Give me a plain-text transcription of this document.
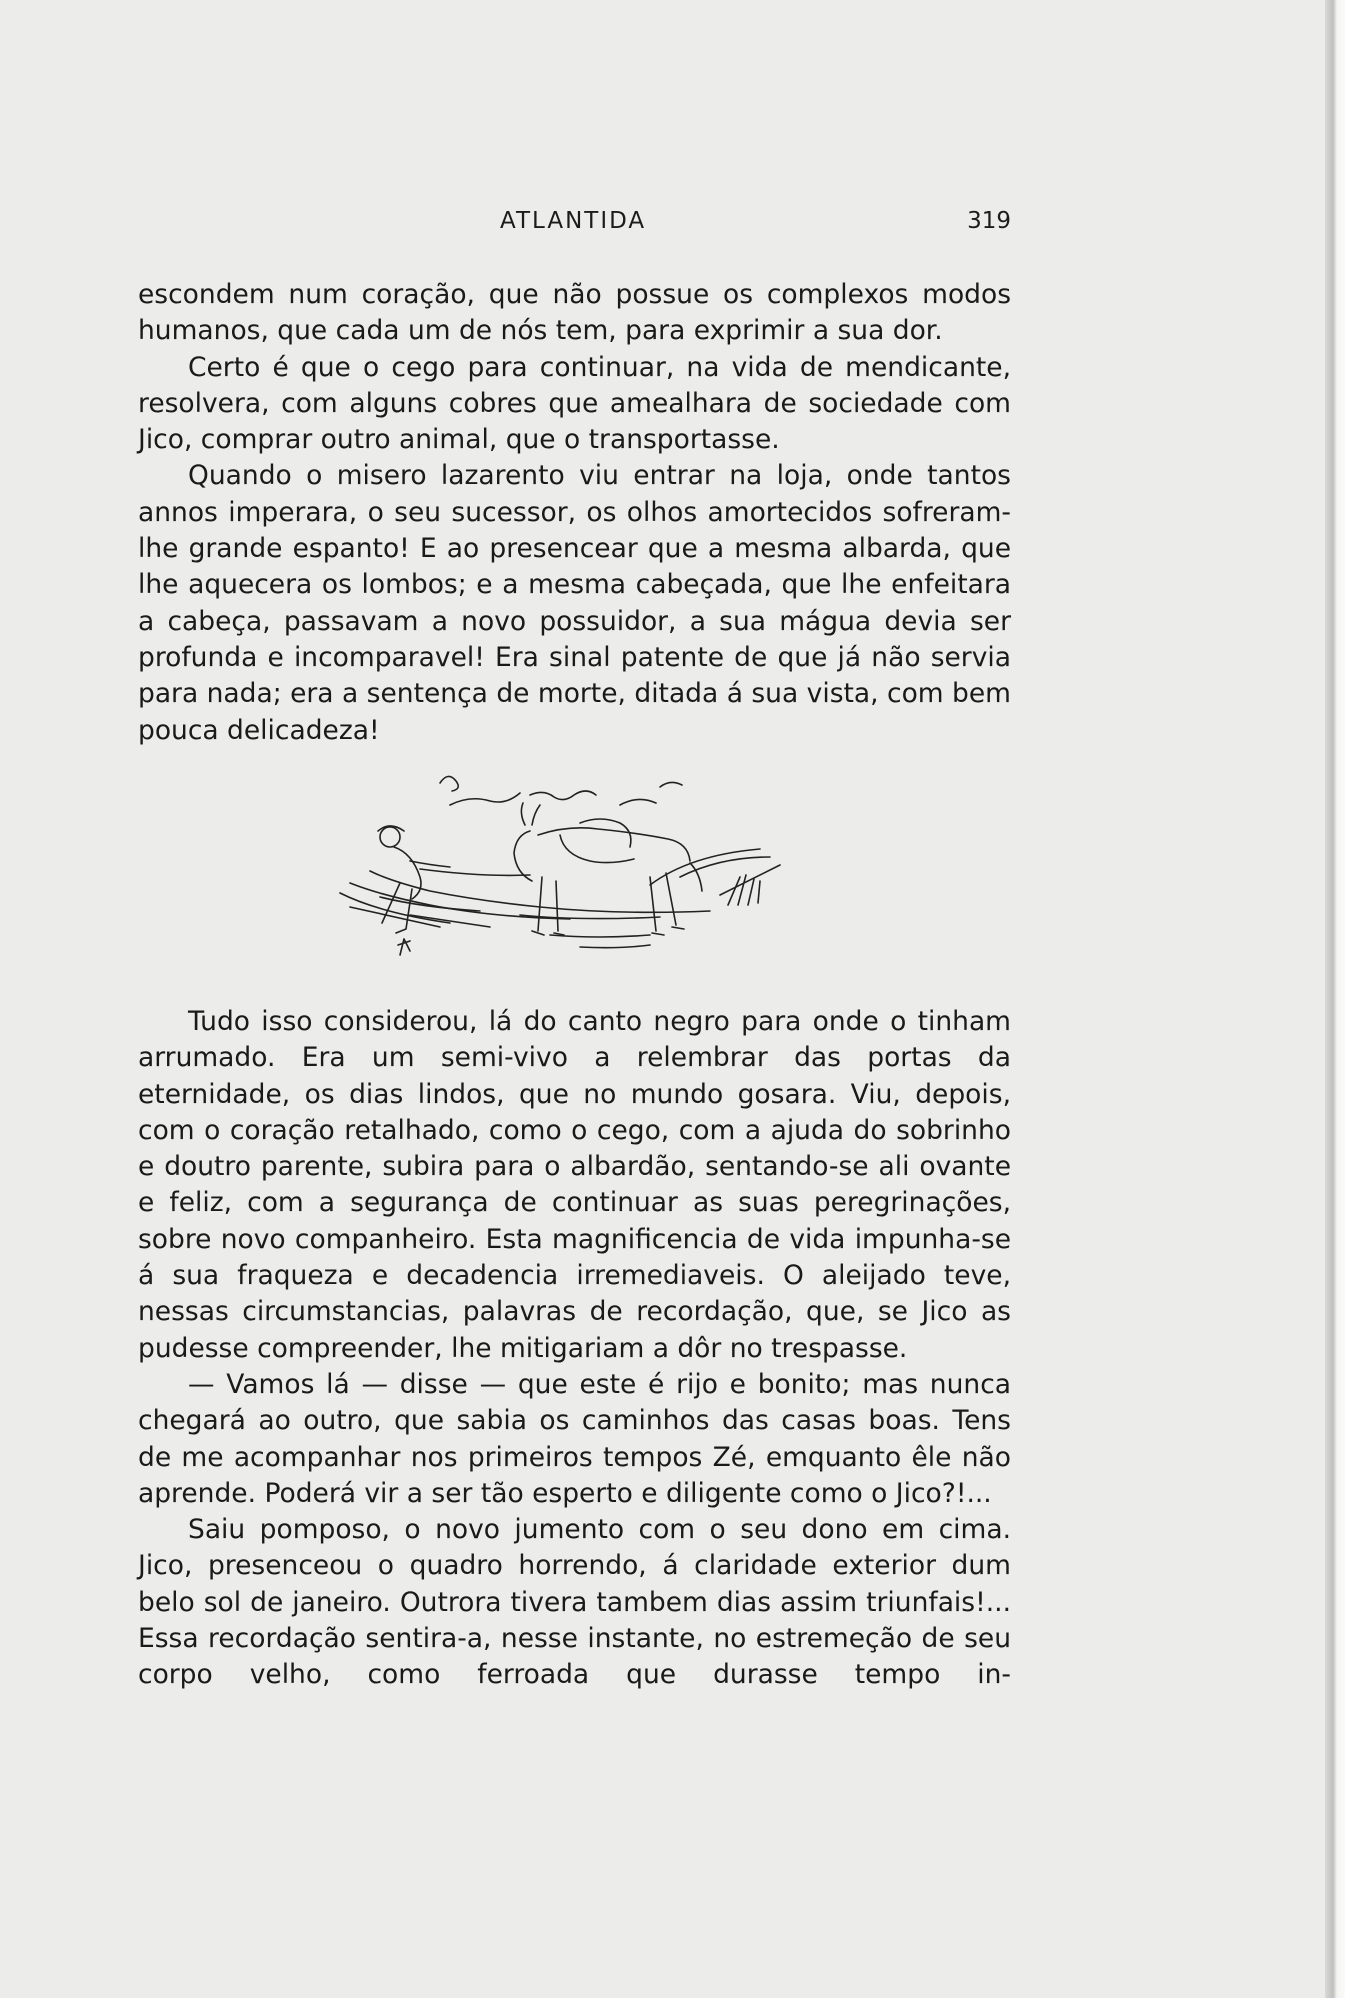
ATLANTIDA	319

escondem num coração, que não possue os complexos modos humanos, que cada um de nós tem, para exprimir a sua dor.

Certo é que o cego para continuar, na vida de mendicante, resolvera, com alguns cobres que amealhara de sociedade com Jico, comprar outro animal, que o transportasse.

Quando o misero lazarento viu entrar na loja, onde tantos annos imperara, o seu sucessor, os olhos amortecidos sofreram-lhe grande espanto! E ao presencear que a mesma albarda, que lhe aquecera os lombos; e a mesma cabeçada, que lhe enfeitara a cabeça, passavam a novo possuidor, a sua mágua devia ser profunda e incomparavel! Era sinal patente de que já não servia para nada; era a sentença de morte, ditada á sua vista, com bem pouca delicadeza!

Tudo isso considerou, lá do canto negro para onde o tinham arrumado. Era um semi-vivo a relembrar das portas da eternidade, os dias lindos, que no mundo gosara. Viu, depois, com o coração retalhado, como o cego, com a ajuda do sobrinho e doutro parente, subira para o albardão, sentando-se ali ovante e feliz, com a segurança de continuar as suas peregrinações, sobre novo companheiro. Esta magnificencia de vida impunha-se á sua fraqueza e decadencia irremediaveis. O aleijado teve, nessas circumstancias, palavras de recordação, que, se Jico as pudesse compreender, lhe mitigariam a dôr no trespasse.

— Vamos lá — disse — que este é rijo e bonito; mas nunca chegará ao outro, que sabia os caminhos das casas boas. Tens de me acompanhar nos primeiros tempos Zé, emquanto êle não aprende. Poderá vir a ser tão esperto e diligente como o Jico?!...

Saiu pomposo, o novo jumento com o seu dono em cima. Jico, presenceou o quadro horrendo, á claridade exterior dum belo sol de janeiro. Outrora tivera tambem dias assim triunfais!... Essa recordação sentira-a, nesse instante, no estremeção de seu corpo velho, como ferroada que durasse tempo in-
